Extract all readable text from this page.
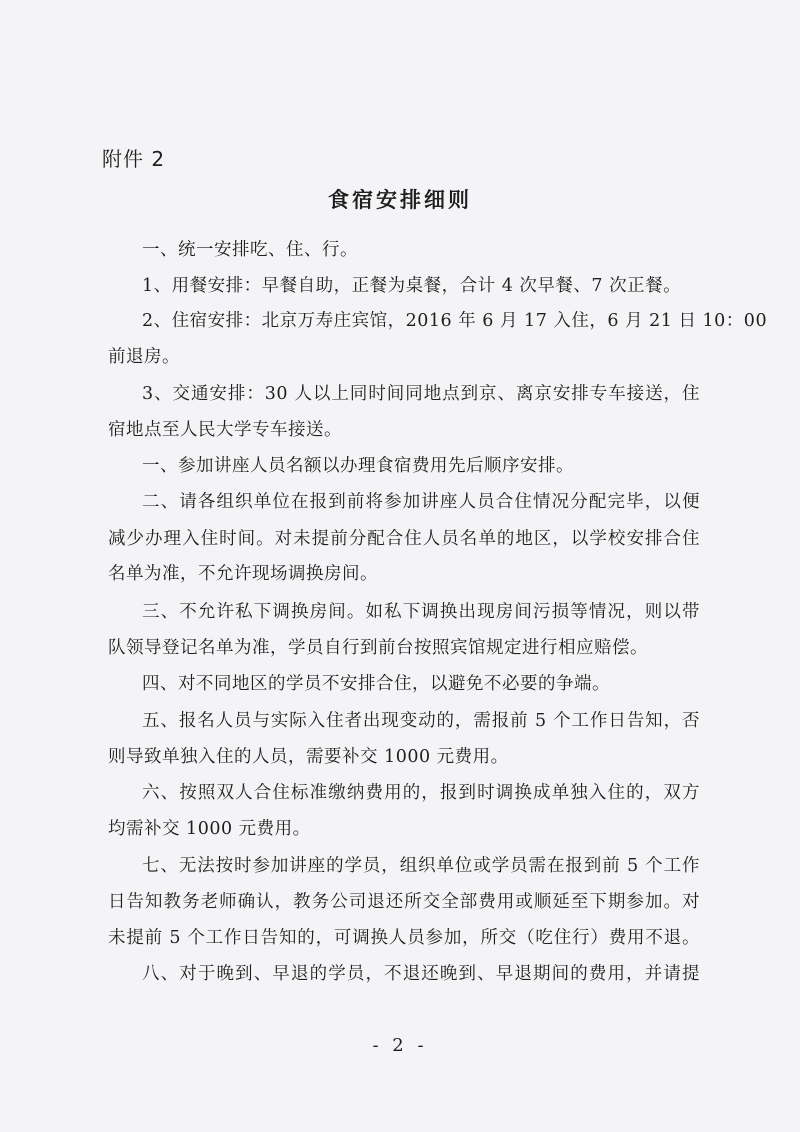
附件 2
食宿安排细则
一、统一安排吃、住、行。
1、用餐安排：早餐自助，正餐为桌餐，合计 4 次早餐、7 次正餐。
2、住宿安排：北京万寿庄宾馆，2016 年 6 月 17 入住，6 月 21 日 10：00
前退房。
3、交通安排：30 人以上同时间同地点到京、离京安排专车接送，住
宿地点至人民大学专车接送。
一、参加讲座人员名额以办理食宿费用先后顺序安排。
二、请各组织单位在报到前将参加讲座人员合住情况分配完毕，以便
减少办理入住时间。对未提前分配合住人员名单的地区，以学校安排合住
名单为准，不允许现场调换房间。
三、不允许私下调换房间。如私下调换出现房间污损等情况，则以带
队领导登记名单为准，学员自行到前台按照宾馆规定进行相应赔偿。
四、对不同地区的学员不安排合住，以避免不必要的争端。
五、报名人员与实际入住者出现变动的，需报前 5 个工作日告知，否
则导致单独入住的人员，需要补交 1000 元费用。
六、按照双人合住标准缴纳费用的，报到时调换成单独入住的，双方
均需补交 1000 元费用。
七、无法按时参加讲座的学员，组织单位或学员需在报到前 5 个工作
日告知教务老师确认，教务公司退还所交全部费用或顺延至下期参加。对
未提前 5 个工作日告知的，可调换人员参加，所交（吃住行）费用不退。
八、对于晚到、早退的学员，不退还晚到、早退期间的费用，并请提
- 2 -
